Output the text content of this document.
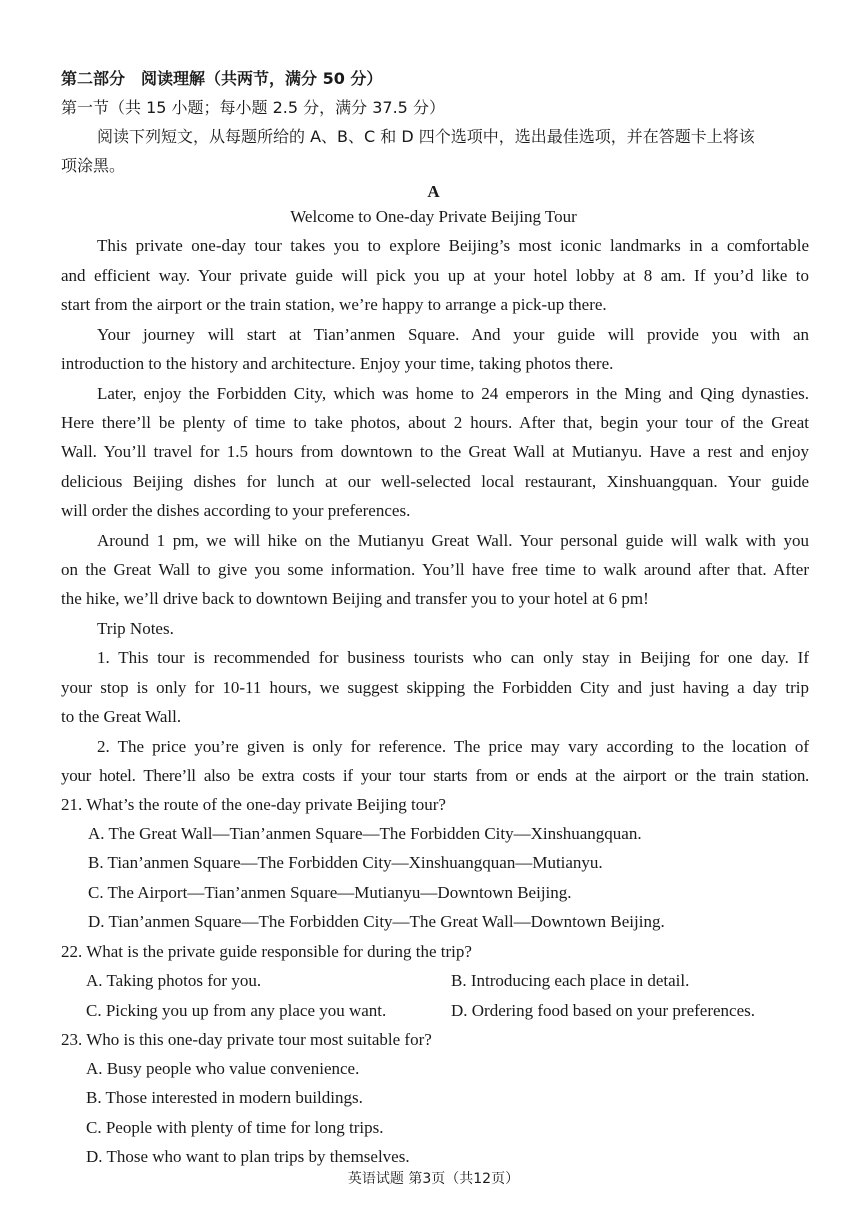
第二部分　阅读理解（共两节，满分 50 分）
第一节（共 15 小题；每小题 2.5 分，满分 37.5 分）
阅读下列短文，从每题所给的 A、B、C 和 D 四个选项中，选出最佳选项，并在答题卡上将该
项涂黑。
A
Welcome to One-day Private Beijing Tour
This private one-day tour takes you to explore Beijing’s most iconic landmarks in a comfortable
and efficient way. Your private guide will pick you up at your hotel lobby at 8 am. If you’d like to
start from the airport or the train station, we’re happy to arrange a pick-up there.
Your journey will start at Tian’anmen Square. And your guide will provide you with an
introduction to the history and architecture. Enjoy your time, taking photos there.
Later, enjoy the Forbidden City, which was home to 24 emperors in the Ming and Qing dynasties.
Here there’ll be plenty of time to take photos, about 2 hours. After that, begin your tour of the Great
Wall. You’ll travel for 1.5 hours from downtown to the Great Wall at Mutianyu. Have a rest and enjoy
delicious Beijing dishes for lunch at our well-selected local restaurant, Xinshuangquan. Your guide
will order the dishes according to your preferences.
Around 1 pm, we will hike on the Mutianyu Great Wall. Your personal guide will walk with you
on the Great Wall to give you some information. You’ll have free time to walk around after that. After
the hike, we’ll drive back to downtown Beijing and transfer you to your hotel at 6 pm!
Trip Notes.
1. This tour is recommended for business tourists who can only stay in Beijing for one day. If
your stop is only for 10-11 hours, we suggest skipping the Forbidden City and just having a day trip
to the Great Wall.
2. The price you’re given is only for reference. The price may vary according to the location of
your hotel. There’ll also be extra costs if your tour starts from or ends at the airport or the train station.
21. What’s the route of the one-day private Beijing tour?
A. The Great Wall—Tian’anmen Square—The Forbidden City—Xinshuangquan.
B. Tian’anmen Square—The Forbidden City—Xinshuangquan—Mutianyu.
C. The Airport—Tian’anmen Square—Mutianyu—Downtown Beijing.
D. Tian’anmen Square—The Forbidden City—The Great Wall—Downtown Beijing.
22. What is the private guide responsible for during the trip?
A. Taking photos for you.	B. Introducing each place in detail.
C. Picking you up from any place you want.	D. Ordering food based on your preferences.
23. Who is this one-day private tour most suitable for?
A. Busy people who value convenience.
B. Those interested in modern buildings.
C. People with plenty of time for long trips.
D. Those who want to plan trips by themselves.
英语试题 第3页（共12页）
